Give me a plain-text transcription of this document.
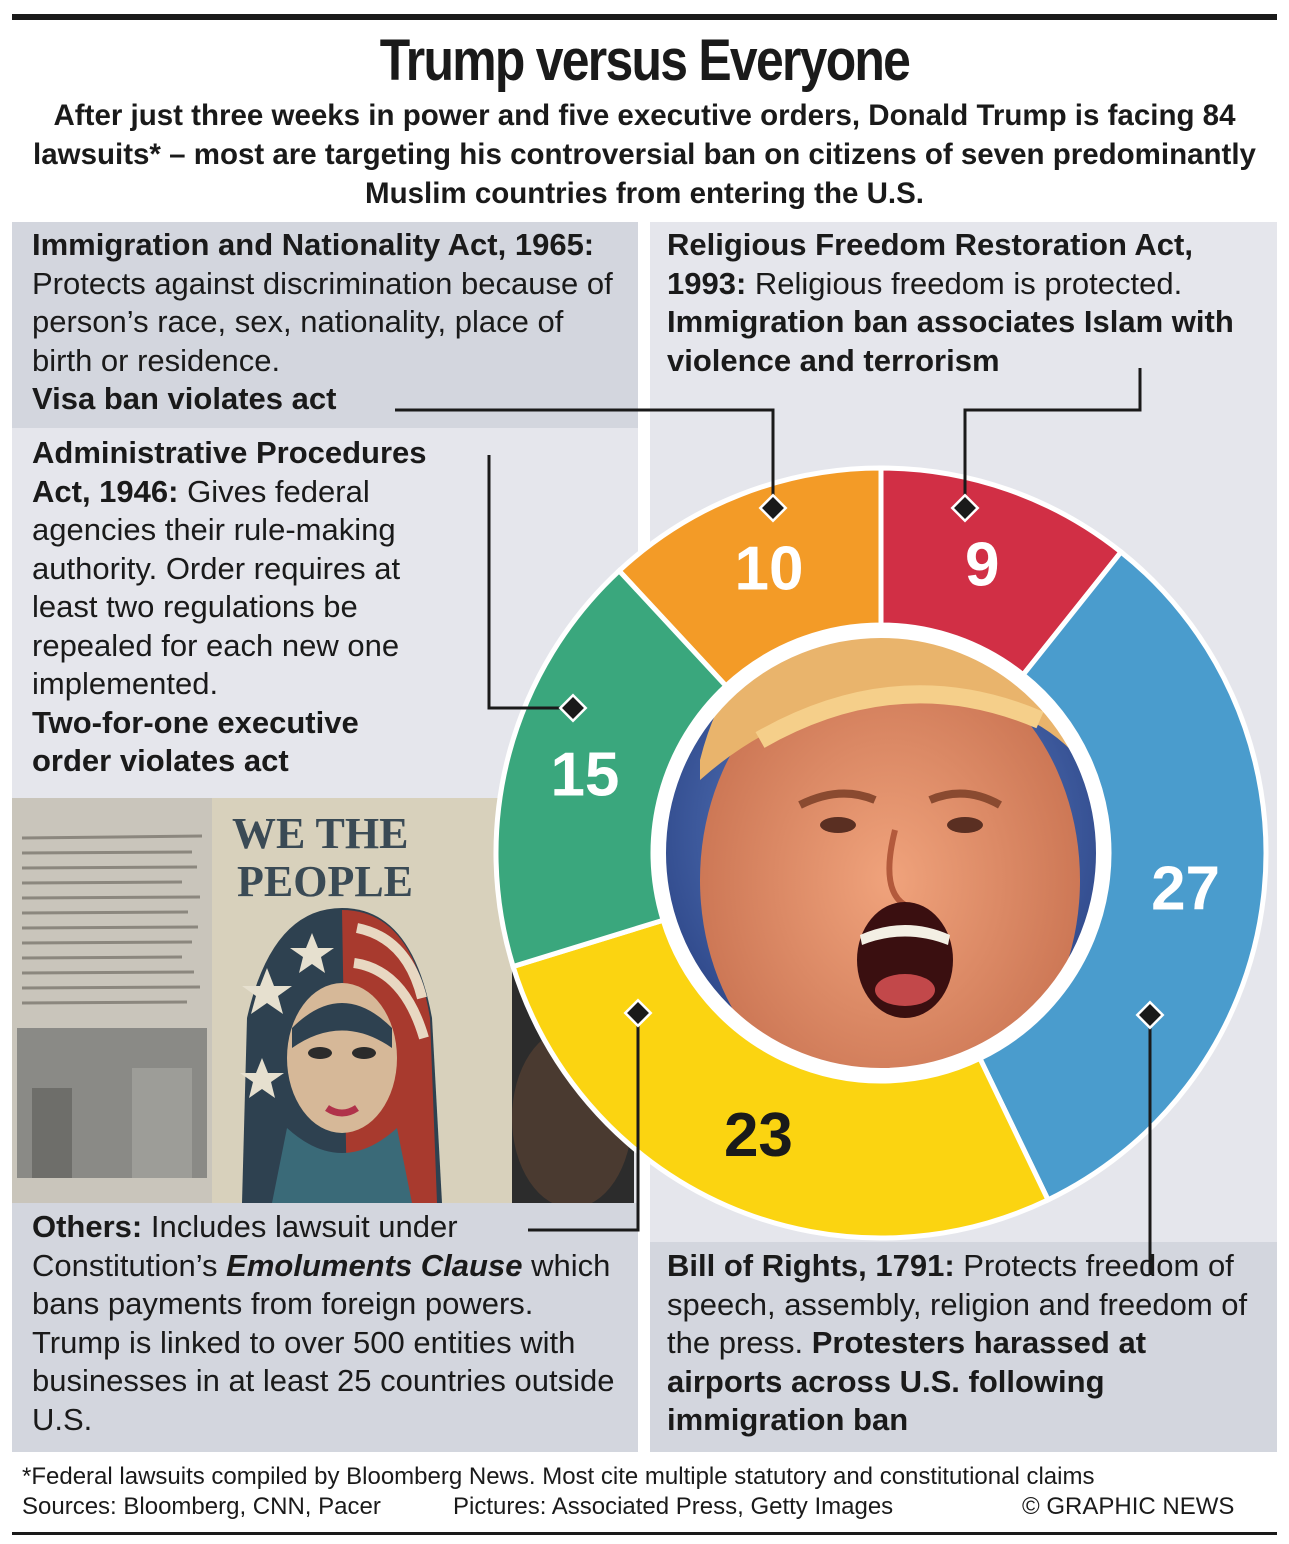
Trump versus Everyone
After just three weeks in power and five executive orders, Donald Trump is facing 84 lawsuits* – most are targeting his controversial ban on citizens of seven predominantly Muslim countries from entering the U.S.
Immigration and Nationality Act, 1965: Protects against discrimination because of person’s race, sex, nationality, place of birth or residence.
Visa ban violates act
Religious Freedom Restoration Act, 1993: Religious freedom is protected.
Immigration ban associates Islam with violence and terrorism
Administrative Procedures Act, 1946: Gives federal agencies their rule-making authority. Order requires at least two regulations be repealed for each new one implemented.
Two-for-one executive order violates act
WE THE
PEOPLE
Others: Includes lawsuit under Constitution’s Emoluments Clause which bans payments from foreign powers. Trump is linked to over 500 entities with businesses in at least 25 countries outside U.S.
Bill of Rights, 1791: Protects freedom of speech, assembly, religion and freedom of the press. Protesters harassed at airports across U.S. following immigration ban
10	9
27
23
15
*Federal lawsuits compiled by Bloomberg News. Most cite multiple statutory and constitutional claims
Sources: Bloomberg, CNN, Pacer	Pictures: Associated Press, Getty Images	© GRAPHIC NEWS
